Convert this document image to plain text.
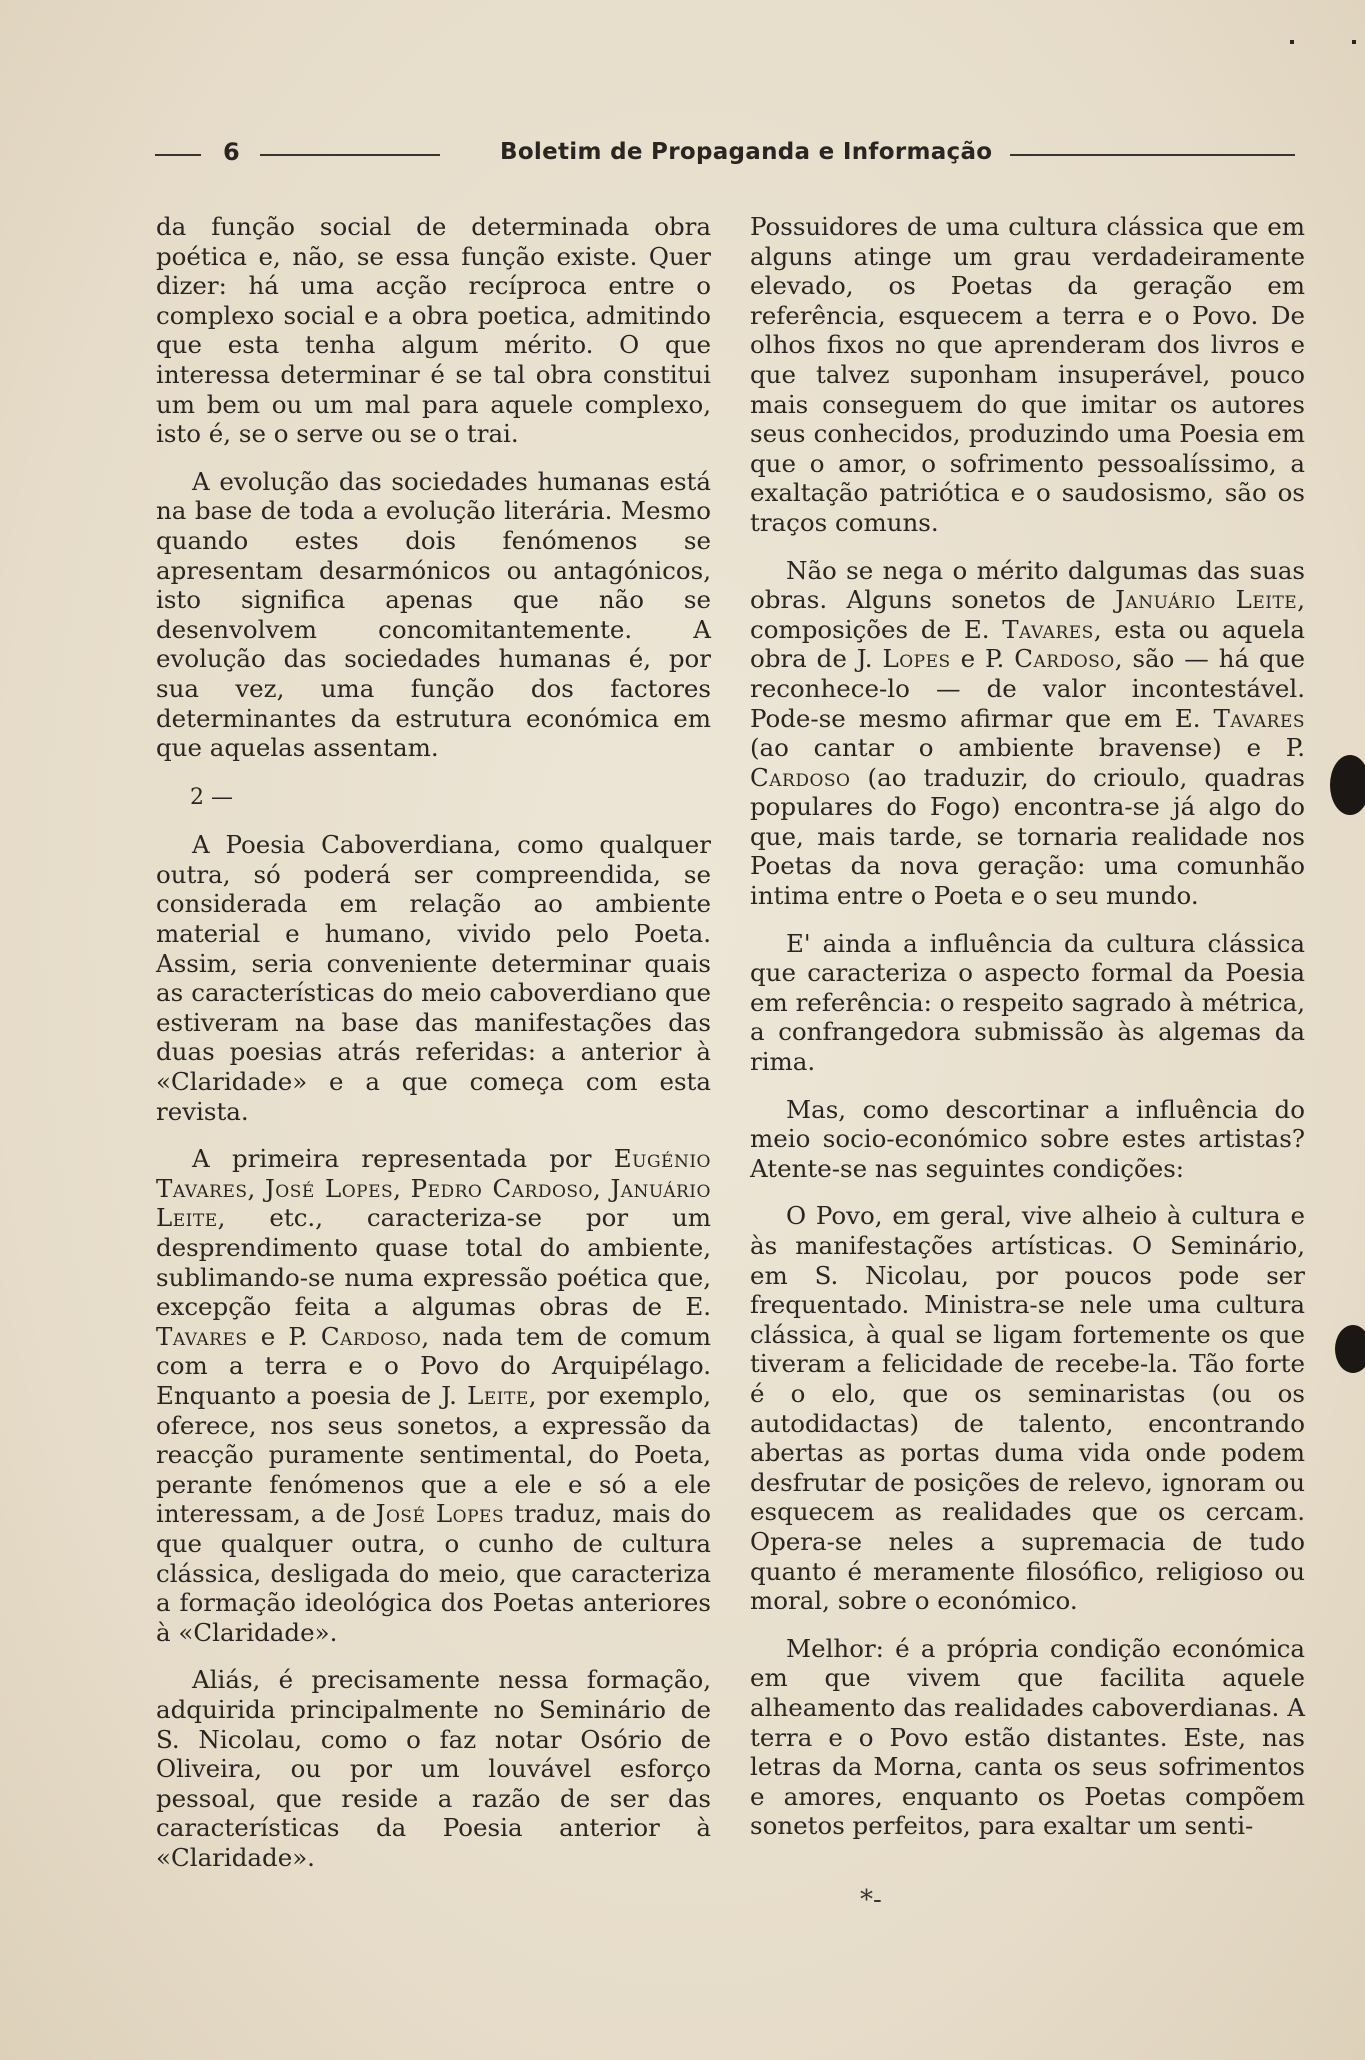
6	Boletim de Propaganda e Informação

da função social de determinada obra poética e, não, se essa função existe. Quer dizer: há uma acção recíproca entre o complexo social e a obra poetica, admitindo que esta tenha algum mérito. O que interessa determinar é se tal obra constitui um bem ou um mal para aquele complexo, isto é, se o serve ou se o trai.

A evolução das sociedades humanas está na base de toda a evolução literária. Mesmo quando estes dois fenómenos se apresentam desarmónicos ou antagónicos, isto significa apenas que não se desenvolvem concomitantemente. A evolução das sociedades humanas é, por sua vez, uma função dos factores determinantes da estrutura económica em que aquelas assentam.

2 —

A Poesia Caboverdiana, como qualquer outra, só poderá ser compreendida, se considerada em relação ao ambiente material e humano, vivido pelo Poeta. Assim, seria conveniente determinar quais as características do meio caboverdiano que estiveram na base das manifestações das duas poesias atrás referidas: a anterior à «Claridade» e a que começa com esta revista.

A primeira representada por Eugénio Tavares, José Lopes, Pedro Cardoso, Januário Leite, etc., caracteriza-se por um desprendimento quase total do ambiente, sublimando-se numa expressão poética que, excepção feita a algumas obras de E. Tavares e P. Cardoso, nada tem de comum com a terra e o Povo do Arquipélago. Enquanto a poesia de J. Leite, por exemplo, oferece, nos seus sonetos, a expressão da reacção puramente sentimental, do Poeta, perante fenómenos que a ele e só a ele interessam, a de José Lopes traduz, mais do que qualquer outra, o cunho de cultura clássica, desligada do meio, que caracteriza a formação ideológica dos Poetas anteriores à «Claridade».

Aliás, é precisamente nessa formação, adquirida principalmente no Seminário de S. Nicolau, como o faz notar Osório de Oliveira, ou por um louvável esforço pessoal, que reside a razão de ser das características da Poesia anterior à «Claridade».

Possuidores de uma cultura clássica que em alguns atinge um grau verdadeiramente elevado, os Poetas da geração em referência, esquecem a terra e o Povo. De olhos fixos no que aprenderam dos livros e que talvez suponham insuperável, pouco mais conseguem do que imitar os autores seus conhecidos, produzindo uma Poesia em que o amor, o sofrimento pessoalíssimo, a exaltação patriótica e o saudosismo, são os traços comuns.

Não se nega o mérito dalgumas das suas obras. Alguns sonetos de Januário Leite, composições de E. Tavares, esta ou aquela obra de J. Lopes e P. Cardoso, são — há que reconhece-lo — de valor incontestável. Pode-se mesmo afirmar que em E. Tavares (ao cantar o ambiente bravense) e P. Cardoso (ao traduzir, do crioulo, quadras populares do Fogo) encontra-se já algo do que, mais tarde, se tornaria realidade nos Poetas da nova geração: uma comunhão intima entre o Poeta e o seu mundo.

E' ainda a influência da cultura clássica que caracteriza o aspecto formal da Poesia em referência: o respeito sagrado à métrica, a confrangedora submissão às algemas da rima.

Mas, como descortinar a influência do meio socio-económico sobre estes artistas? Atente-se nas seguintes condições:

O Povo, em geral, vive alheio à cultura e às manifestações artísticas. O Seminário, em S. Nicolau, por poucos pode ser frequentado. Ministra-se nele uma cultura clássica, à qual se ligam fortemente os que tiveram a felicidade de recebe-la. Tão forte é o elo, que os seminaristas (ou os autodidactas) de talento, encontrando abertas as portas duma vida onde podem desfrutar de posições de relevo, ignoram ou esquecem as realidades que os cercam. Opera-se neles a supremacia de tudo quanto é meramente filosófico, religioso ou moral, sobre o económico.

Melhor: é a própria condição económica em que vivem que facilita aquele alheamento das realidades caboverdianas. A terra e o Povo estão distantes. Este, nas letras da Morna, canta os seus sofrimentos e amores, enquanto os Poetas compõem sonetos perfeitos, para exaltar um senti-

*-
